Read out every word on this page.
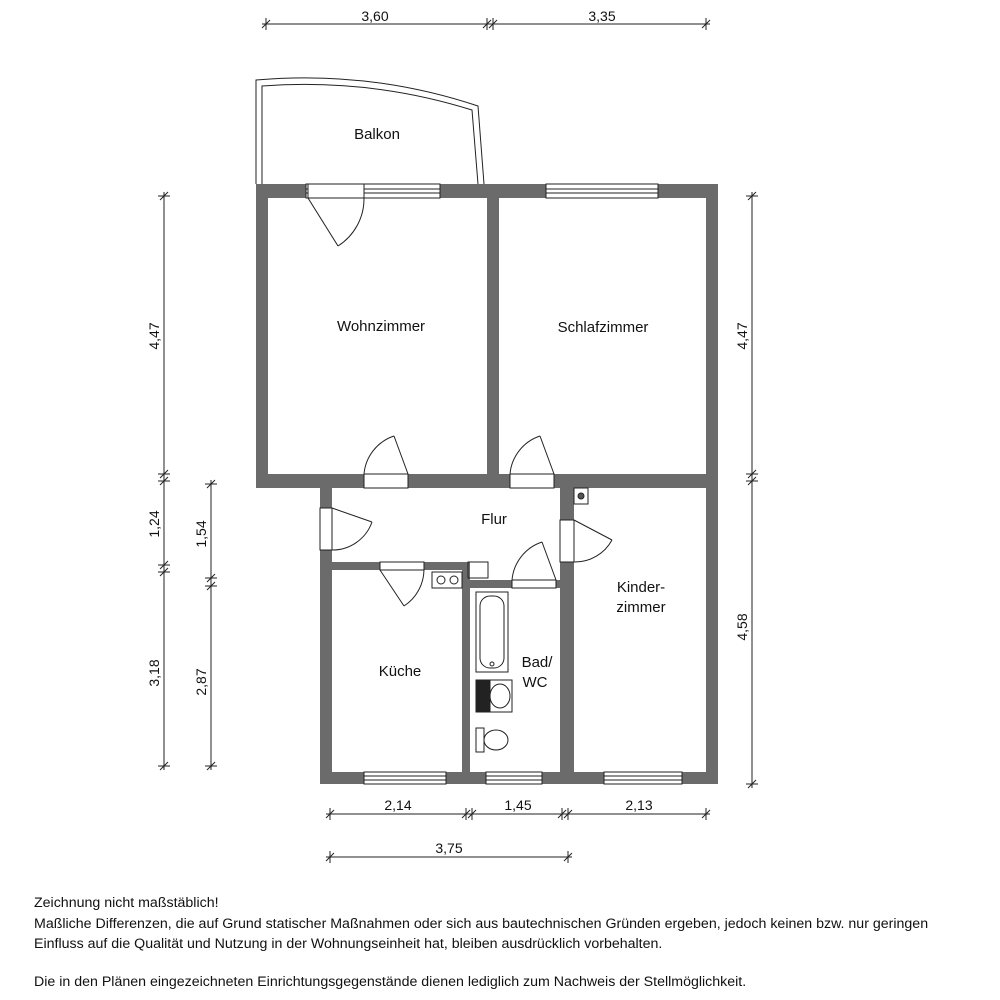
3,60	3,35
4,47
1,24
3,18
1,54
2,87
4,47
4,58
2,14	1,45	2,13
3,75
Balkon
Wohnzimmer	Schlafzimmer
Flur
Kinder-
zimmer
Küche
Bad/
WC

Zeichnung nicht maßstäblich!

Maßliche Differenzen, die auf Grund statischer Maßnahmen oder sich aus bautechnischen Gründen ergeben, jedoch keinen bzw. nur geringen Einfluss auf die Qualität und Nutzung in der Wohnungseinheit hat, bleiben ausdrücklich vorbehalten.

Die in den Plänen eingezeichneten Einrichtungsgegenstände dienen lediglich zum Nachweis der Stellmöglichkeit.
